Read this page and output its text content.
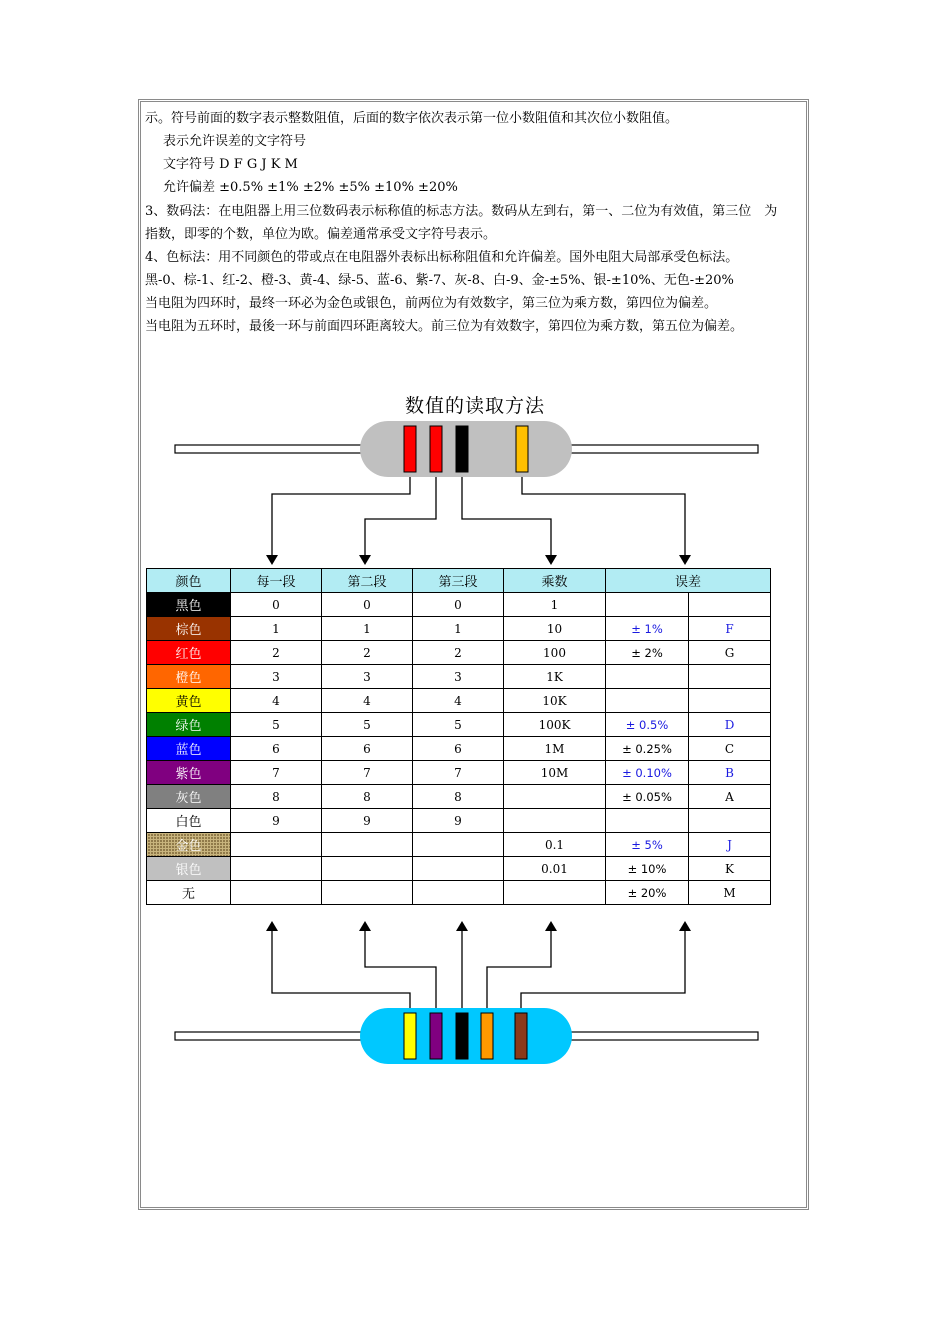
示。符号前面的数字表示整数阻值，后面的数字依次表示第一位小数阻值和其次位小数阻值。
表示允许误差的文字符号
文字符号 D F G J K M
允许偏差 ±0.5% ±1% ±2% ±5% ±10% ±20%
3、数码法：在电阻器上用三位数码表示标称值的标志方法。数码从左到右，第一、二位为有效值，第三位　为
指数，即零的个数，单位为欧。偏差通常承受文字符号表示。
4、色标法：用不同颜色的带或点在电阻器外表标出标称阻值和允许偏差。国外电阻大局部承受色标法。
黑-0、棕-1、红-2、橙-3、黄-4、绿-5、蓝-6、紫-7、灰-8、白-9、金-±5%、银-±10%、无色-±20%
当电阻为四环时，最终一环必为金色或银色，前两位为有效数字，第三位为乘方数，第四位为偏差。
当电阻为五环时，最後一环与前面四环距离较大。前三位为有效数字，第四位为乘方数，第五位为偏差。
数值的读取方法
颜色	每一段	第二段	第三段	乘数	误差	
黑色	0	0	0	1		
棕色	1	1	1	10	± 1%	F
红色	2	2	2	100	± 2%	G
橙色	3	3	3	1K		
黄色	4	4	4	10K		
绿色	5	5	5	100K	± 0.5%	D
蓝色	6	6	6	1M	± 0.25%	C
紫色	7	7	7	10M	± 0.10%	B
灰色	8	8	8		± 0.05%	A
白色	9	9	9			
金色				0.1	± 5%	J
银色				0.01	± 10%	K
无					± 20%	M
